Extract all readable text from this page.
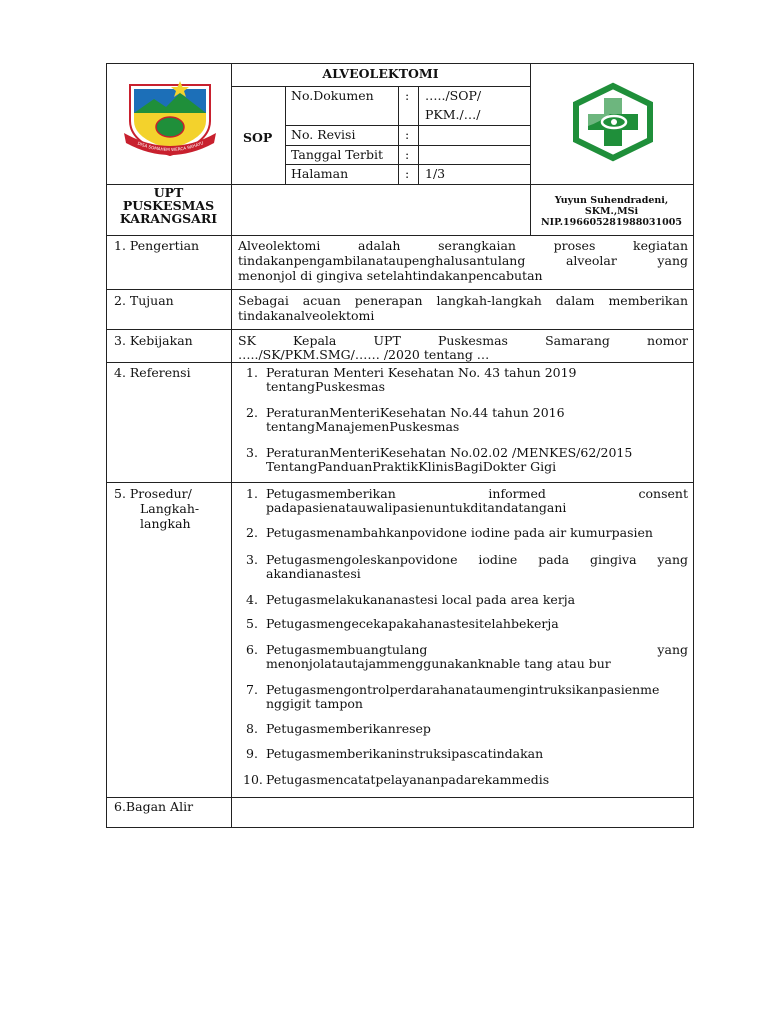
DISA SOMAHEM WERCA RAHAYU
ALVEOLEKTOMI
SOP
No.Dokumen	: …../SOP/
PKM./…/
No. Revisi	:
Tanggal Terbit :
Halaman	: 1/3
UPT
PUSKESMAS
KARANGSARI
Yuyun Suhendradeni,
SKM.,MSi
NIP.196605281988031005
1. Pengertian	Alveolektomi adalah serangkaian proses kegiatan
tindakanpengambilanataupenghalusantulang alveolar yang
menonjol di gingiva setelahtindakanpencabutan
2. Tujuan	Sebagai acuan penerapan langkah-langkah dalam memberikan
tindakanalveolektomi
3. Kebijakan	SK Kepala UPT Puskesmas Samarang nomor
…../SK/PKM.SMG/…… /2020 tentang …
4. Referensi	1. Peraturan Menteri Kesehatan No. 43 tahun 2019
tentangPuskesmas
2. PeraturanMenteriKesehatan No.44 tahun 2016
tentangManajemenPuskesmas
3. PeraturanMenteriKesehatan No.02.02 /MENKES/62/2015
TentangPanduanPraktikKlinisBagiDokter Gigi
5. Prosedur/
Langkah-
langkah
1. Petugasmemberikan informed consent
padapasienatauwalipasienuntukditandatangani
2. Petugasmenambahkanpovidone iodine pada air kumurpasien
3. Petugasmengoleskanpovidone iodine pada gingiva yang
akandianastesi
4. Petugasmelakukananastesi local pada area kerja
5. Petugasmengecekapakahanastesitelahbekerja
6. Petugasmembuangtulang yang
menonjolatautajammenggunakanknable tang atau bur
7. Petugasmengontrolperdarahanataumengintruksikanpasienme
nggigit tampon
8. Petugasmemberikanresep
9. Petugasmemberikaninstruksipascatindakan
10. Petugasmencatatpelayananpadarekammedis
6.Bagan Alir
